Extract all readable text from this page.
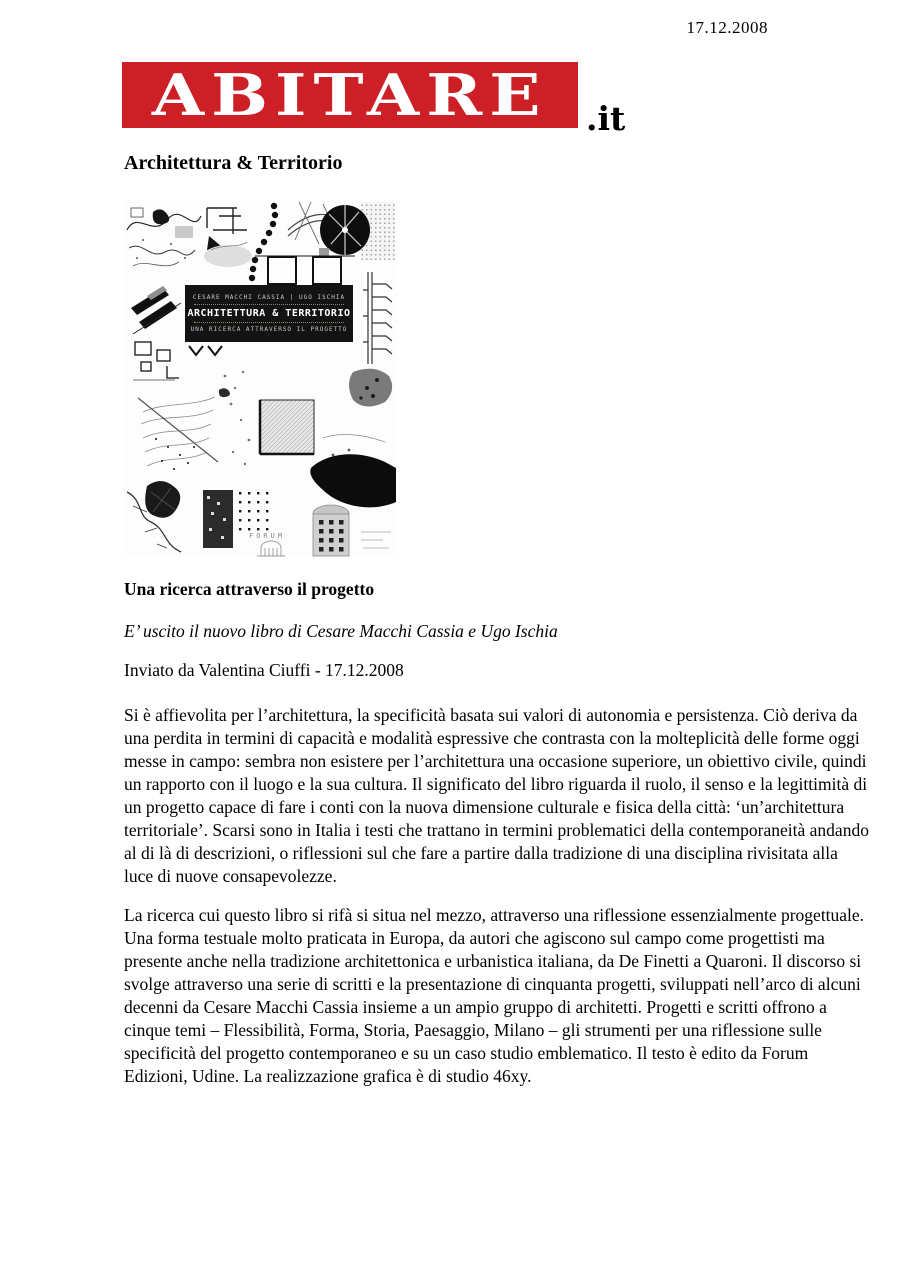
17.12.2008
ABITARE .it
Architettura & Territorio
FORUM
CESARE MACCHI CASSIA | UGO ISCHIA
ARCHITETTURA & TERRITORIO
UNA RICERCA ATTRAVERSO IL PROGETTO
Una ricerca attraverso il progetto
E’ uscito il nuovo libro di Cesare Macchi Cassia e Ugo Ischia
Inviato da Valentina Ciuffi - 17.12.2008

Si è affievolita per l’architettura, la specificità basata sui valori di autonomia e persistenza. Ciò deriva da una perdita in termini di capacità e modalità espressive che contrasta con la molteplicità delle forme oggi messe in campo: sembra non esistere per l’architettura una occasione superiore, un obiettivo civile, quindi un rapporto con il luogo e la sua cultura. Il significato del libro riguarda il ruolo, il senso e la legittimità di un progetto capace di fare i conti con la nuova dimensione culturale e fisica della città: ‘un’architettura territoriale’. Scarsi sono in Italia i testi che trattano in termini problematici della contemporaneità andando al di là di descrizioni, o riflessioni sul che fare a partire dalla tradizione di una disciplina rivisitata alla luce di nuove consapevolezze.

La ricerca cui questo libro si rifà si situa nel mezzo, attraverso una riflessione essenzialmente progettuale. Una forma testuale molto praticata in Europa, da autori che agiscono sul campo come progettisti ma presente anche nella tradizione architettonica e urbanistica italiana, da De Finetti a Quaroni. Il discorso si svolge attraverso una serie di scritti e la presentazione di cinquanta progetti, sviluppati nell’arco di alcuni decenni da Cesare Macchi Cassia insieme a un ampio gruppo di architetti. Progetti e scritti offrono a cinque temi – Flessibilità, Forma, Storia, Paesaggio, Milano – gli strumenti per una riflessione sulle specificità del progetto contemporaneo e su un caso studio emblematico. Il testo è edito da Forum Edizioni, Udine. La realizzazione grafica è di studio 46xy.
